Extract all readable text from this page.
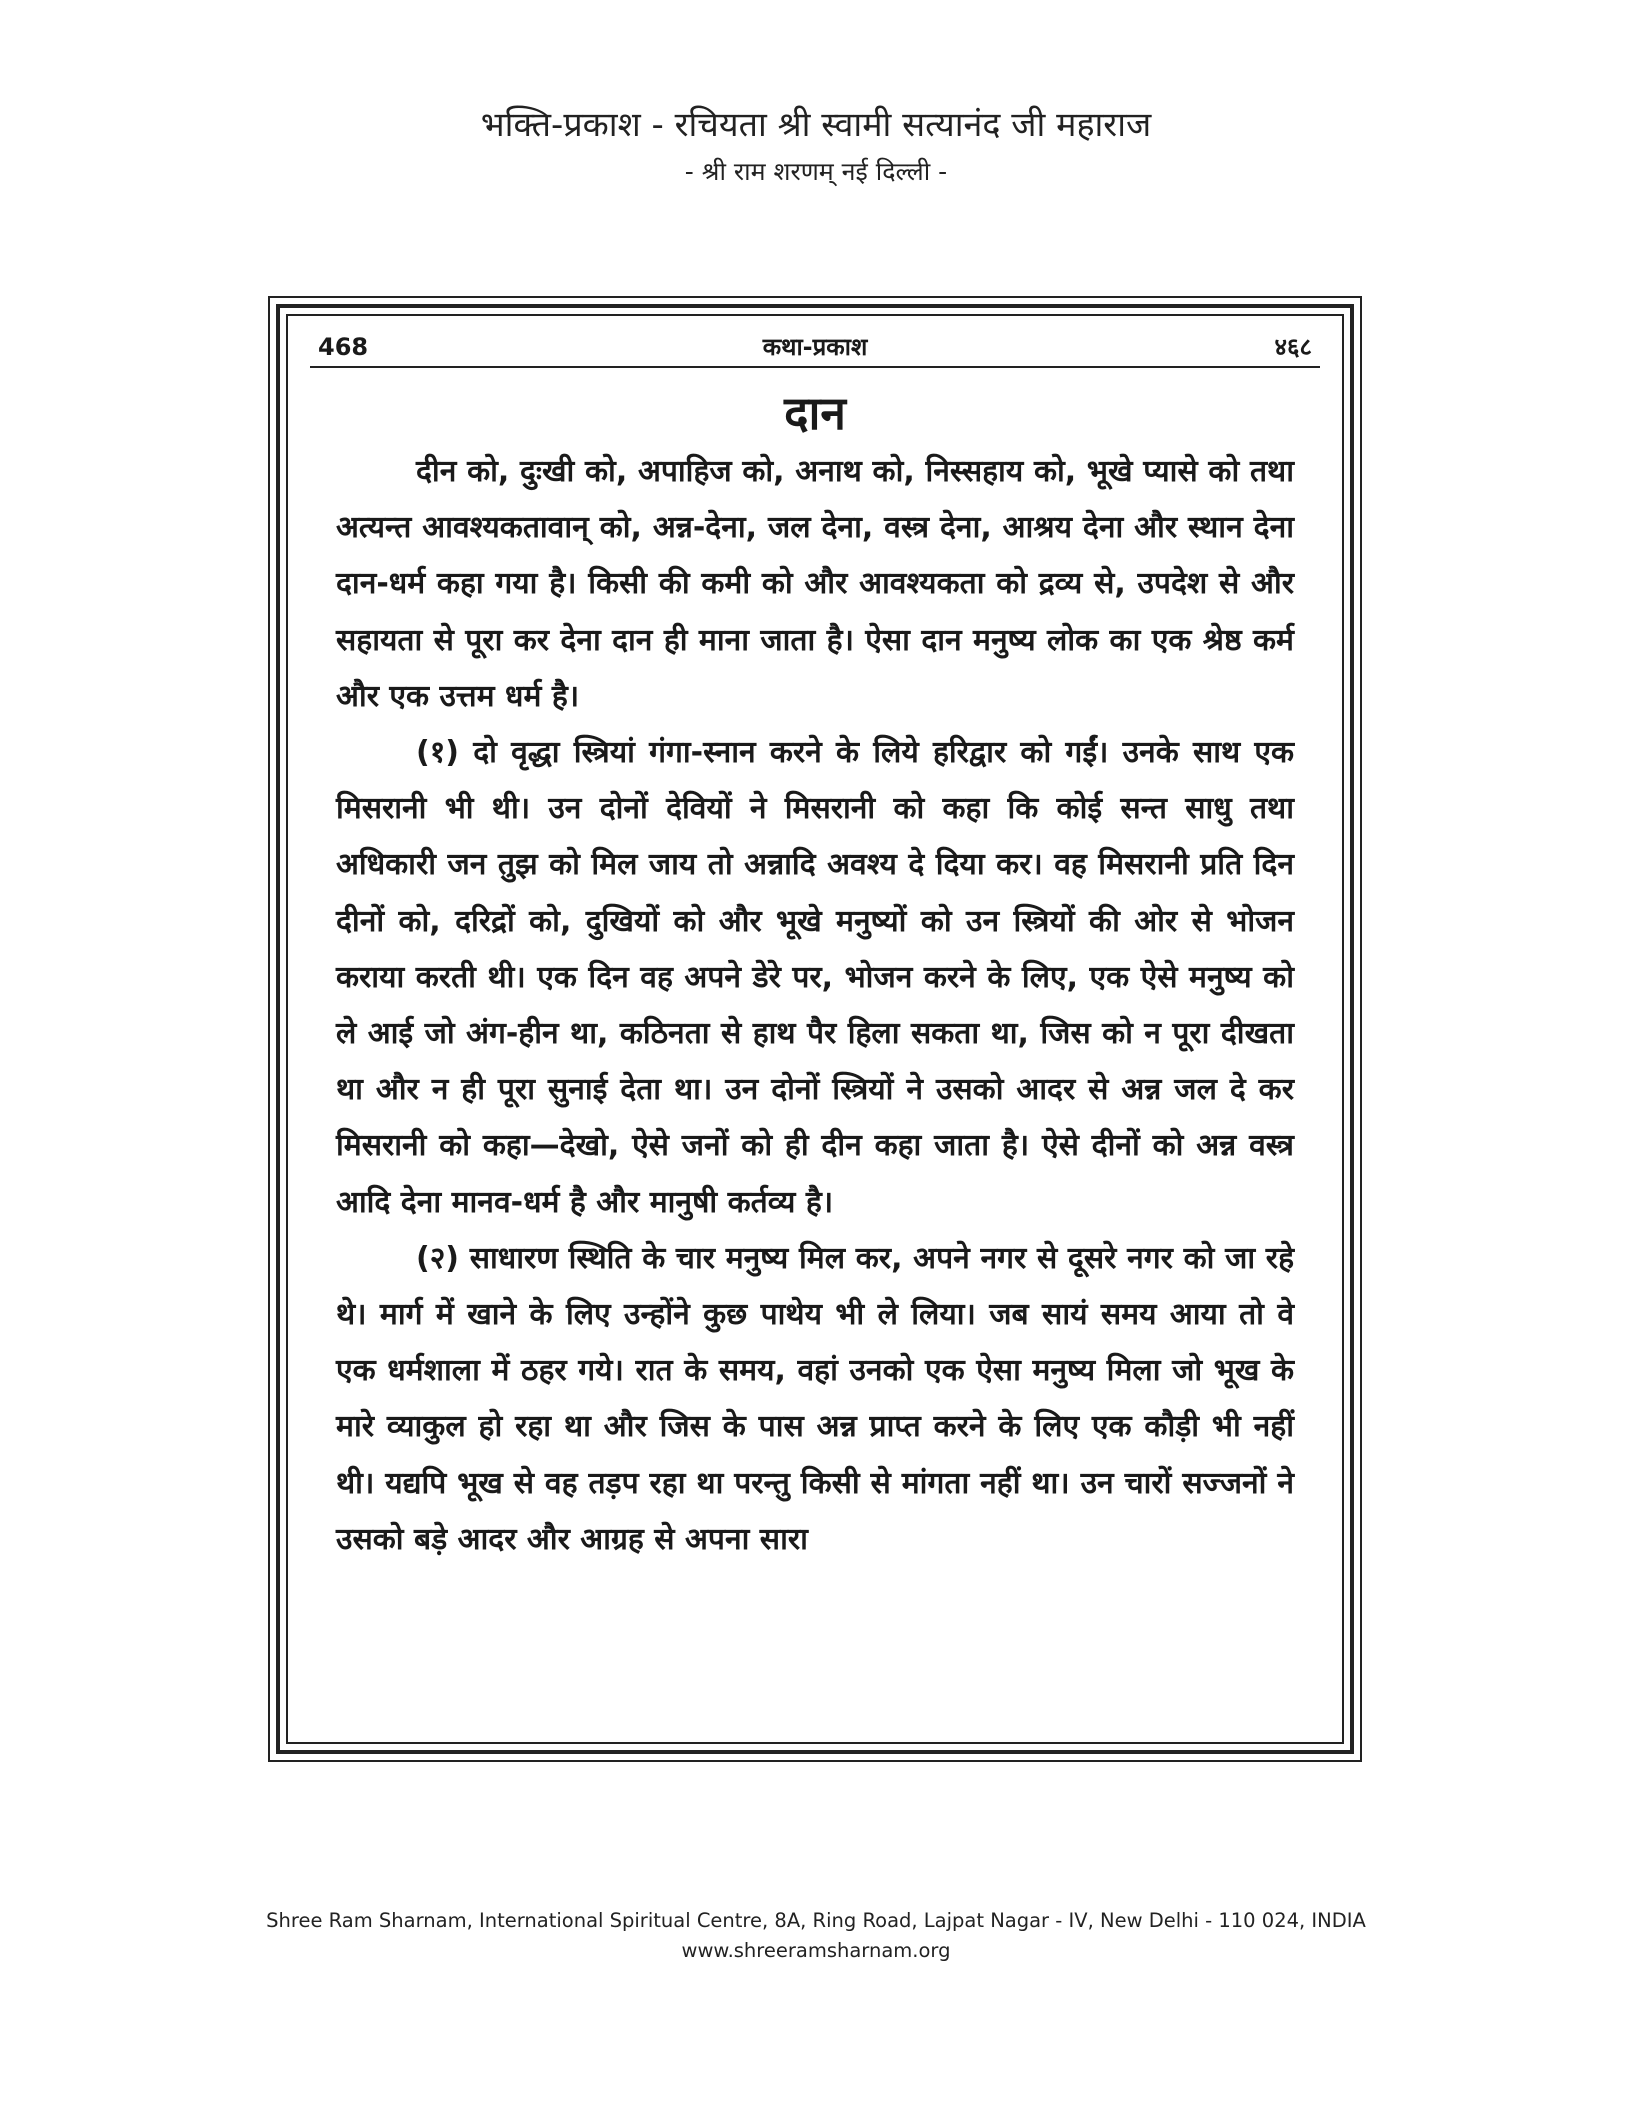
भक्ति-प्रकाश - रचियता श्री स्वामी सत्यानंद जी महाराज
- श्री राम शरणम् नई दिल्ली -
468	कथा-प्रकाश	४६८
दान

दीन को, दुःखी को, अपाहिज को, अनाथ को, निस्सहाय को, भूखे प्यासे को तथा अत्यन्त आवश्यकतावान् को, अन्न-देना, जल देना, वस्त्र देना, आश्रय देना और स्थान देना दान-धर्म कहा गया है। किसी की कमी को और आवश्यकता को द्रव्य से, उपदेश से और सहायता से पूरा कर देना दान ही माना जाता है। ऐसा दान मनुष्य लोक का एक श्रेष्ठ कर्म और एक उत्तम धर्म है।

(१) दो वृद्धा स्त्रियां गंगा-स्नान करने के लिये हरिद्वार को गईं। उनके साथ एक मिसरानी भी थी। उन दोनों देवियों ने मिसरानी को कहा कि कोई सन्त साधु तथा अधिकारी जन तुझ को मिल जाय तो अन्नादि अवश्य दे दिया कर। वह मिसरानी प्रति दिन दीनों को, दरिद्रों को, दुखियों को और भूखे मनुष्यों को उन स्त्रियों की ओर से भोजन कराया करती थी। एक दिन वह अपने डेरे पर, भोजन करने के लिए, एक ऐसे मनुष्य को ले आई जो अंग-हीन था, कठिनता से हाथ पैर हिला सकता था, जिस को न पूरा दीखता था और न ही पूरा सुनाई देता था। उन दोनों स्त्रियों ने उसको आदर से अन्न जल दे कर मिसरानी को कहा—देखो, ऐसे जनों को ही दीन कहा जाता है। ऐसे दीनों को अन्न वस्त्र आदि देना मानव-धर्म है और मानुषी कर्तव्य है।

(२) साधारण स्थिति के चार मनुष्य मिल कर, अपने नगर से दूसरे नगर को जा रहे थे। मार्ग में खाने के लिए उन्होंने कुछ पाथेय भी ले लिया। जब सायं समय आया तो वे एक धर्मशाला में ठहर गये। रात के समय, वहां उनको एक ऐसा मनुष्य मिला जो भूख के मारे व्याकुल हो रहा था और जिस के पास अन्न प्राप्त करने के लिए एक कौड़ी भी नहीं थी। यद्यपि भूख से वह तड़प रहा था परन्तु किसी से मांगता नहीं था। उन चारों सज्जनों ने उसको बड़े आदर और आग्रह से अपना सारा

Shree Ram Sharnam, International Spiritual Centre, 8A, Ring Road, Lajpat Nagar - IV, New Delhi - 110 024, INDIA
www.shreeramsharnam.org
